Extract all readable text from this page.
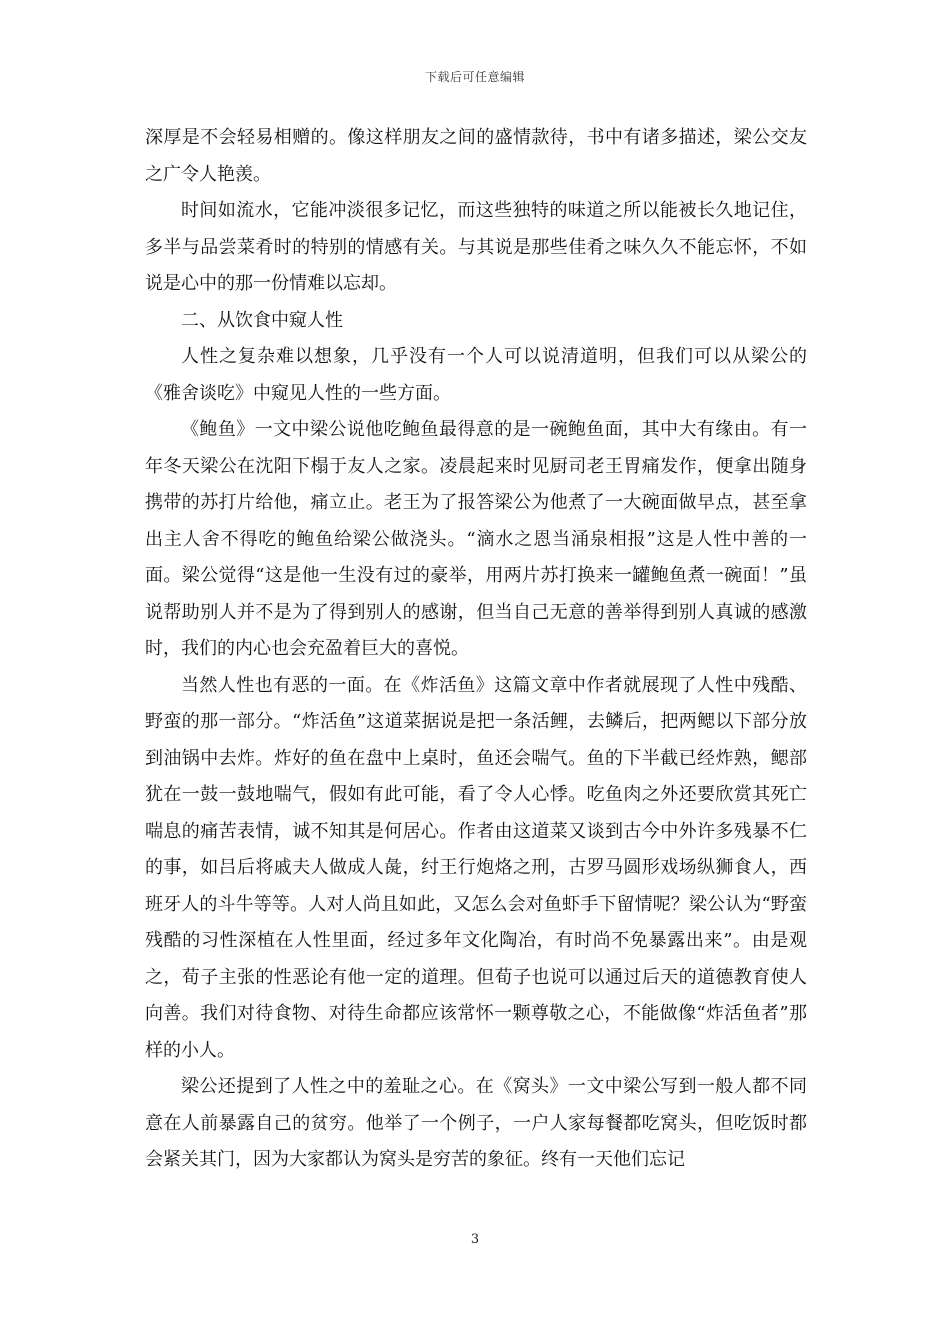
下载后可任意编辑

深厚是不会轻易相赠的。像这样朋友之间的盛情款待，书中有诸多描述，梁公交友之广令人艳羡。

时间如流水，它能冲淡很多记忆，而这些独特的味道之所以能被长久地记住，多半与品尝菜肴时的特别的情感有关。与其说是那些佳肴之味久久不能忘怀，不如说是心中的那一份情难以忘却。

二、从饮食中窥人性

人性之复杂难以想象，几乎没有一个人可以说清道明，但我们可以从梁公的《雅舍谈吃》中窥见人性的一些方面。

《鲍鱼》一文中梁公说他吃鲍鱼最得意的是一碗鲍鱼面，其中大有缘由。有一年冬天梁公在沈阳下榻于友人之家。凌晨起来时见厨司老王胃痛发作，便拿出随身携带的苏打片给他，痛立止。老王为了报答梁公为他煮了一大碗面做早点，甚至拿出主人舍不得吃的鲍鱼给梁公做浇头。“滴水之恩当涌泉相报”这是人性中善的一面。梁公觉得“这是他一生没有过的豪举，用两片苏打换来一罐鲍鱼煮一碗面！”虽说帮助别人并不是为了得到别人的感谢，但当自己无意的善举得到别人真诚的感激时，我们的内心也会充盈着巨大的喜悦。

当然人性也有恶的一面。在《炸活鱼》这篇文章中作者就展现了人性中残酷、野蛮的那一部分。“炸活鱼”这道菜据说是把一条活鲤，去鳞后，把两鳃以下部分放到油锅中去炸。炸好的鱼在盘中上桌时，鱼还会喘气。鱼的下半截已经炸熟，鳃部犹在一鼓一鼓地喘气，假如有此可能，看了令人心悸。吃鱼肉之外还要欣赏其死亡喘息的痛苦表情，诚不知其是何居心。作者由这道菜又谈到古今中外许多残暴不仁的事，如吕后将戚夫人做成人彘，纣王行炮烙之刑，古罗马圆形戏场纵狮食人，西班牙人的斗牛等等。人对人尚且如此，又怎么会对鱼虾手下留情呢？梁公认为“野蛮残酷的习性深植在人性里面，经过多年文化陶冶，有时尚不免暴露出来”。由是观之，荀子主张的性恶论有他一定的道理。但荀子也说可以通过后天的道德教育使人向善。我们对待食物、对待生命都应该常怀一颗尊敬之心，不能做像“炸活鱼者”那样的小人。

梁公还提到了人性之中的羞耻之心。在《窝头》一文中梁公写到一般人都不同意在人前暴露自己的贫穷。他举了一个例子，一户人家每餐都吃窝头，但吃饭时都会紧关其门，因为大家都认为窝头是穷苦的象征。终有一天他们忘记

3
